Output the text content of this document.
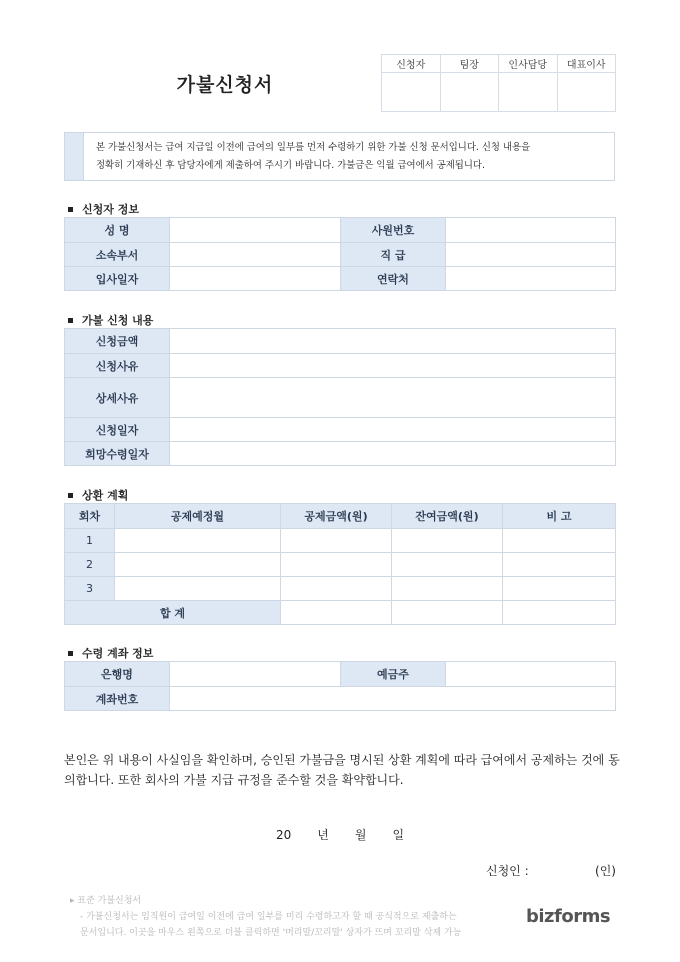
가불신청서
신청자	팀장	인사담당	대표이사

본 가불신청서는 급여 지급일 이전에 급여의 일부를 먼저 수령하기 위한 가불 신청 문서입니다. 신청 내용을
정확히 기재하신 후 담당자에게 제출하여 주시기 바랍니다. 가불금은 익월 급여에서 공제됩니다.
신청자 정보
성 명		사원번호	
소속부서		직 급	
입사일자		연락처	
가불 신청 내용
신청금액	
신청사유	
상세사유	
신청일자	
희망수령일자	
상환 계획
회차	공제예정월	공제금액(원)	잔여금액(원)	비 고
1				
2				
3				
합 계				
수령 계좌 정보
은행명		예금주	
계좌번호			
본인은 위 내용이 사실임을 확인하며, 승인된 가불금을 명시된 상환 계획에 따라 급여에서 공제하는 것에 동의합니다. 또한 회사의 가불 지급 규정을 준수할 것을 확약합니다.
20 년 월 일
신청인 :	(인)
▸ 표준 가불신청서
- 가불신청서는 임직원이 급여일 이전에 급여 일부를 미리 수령하고자 할 때 공식적으로 제출하는
문서입니다. 이곳을 마우스 왼쪽으로 더블 클릭하면 '머리말/꼬리말' 상자가 뜨며 꼬리말 삭제 가능
bizforms
